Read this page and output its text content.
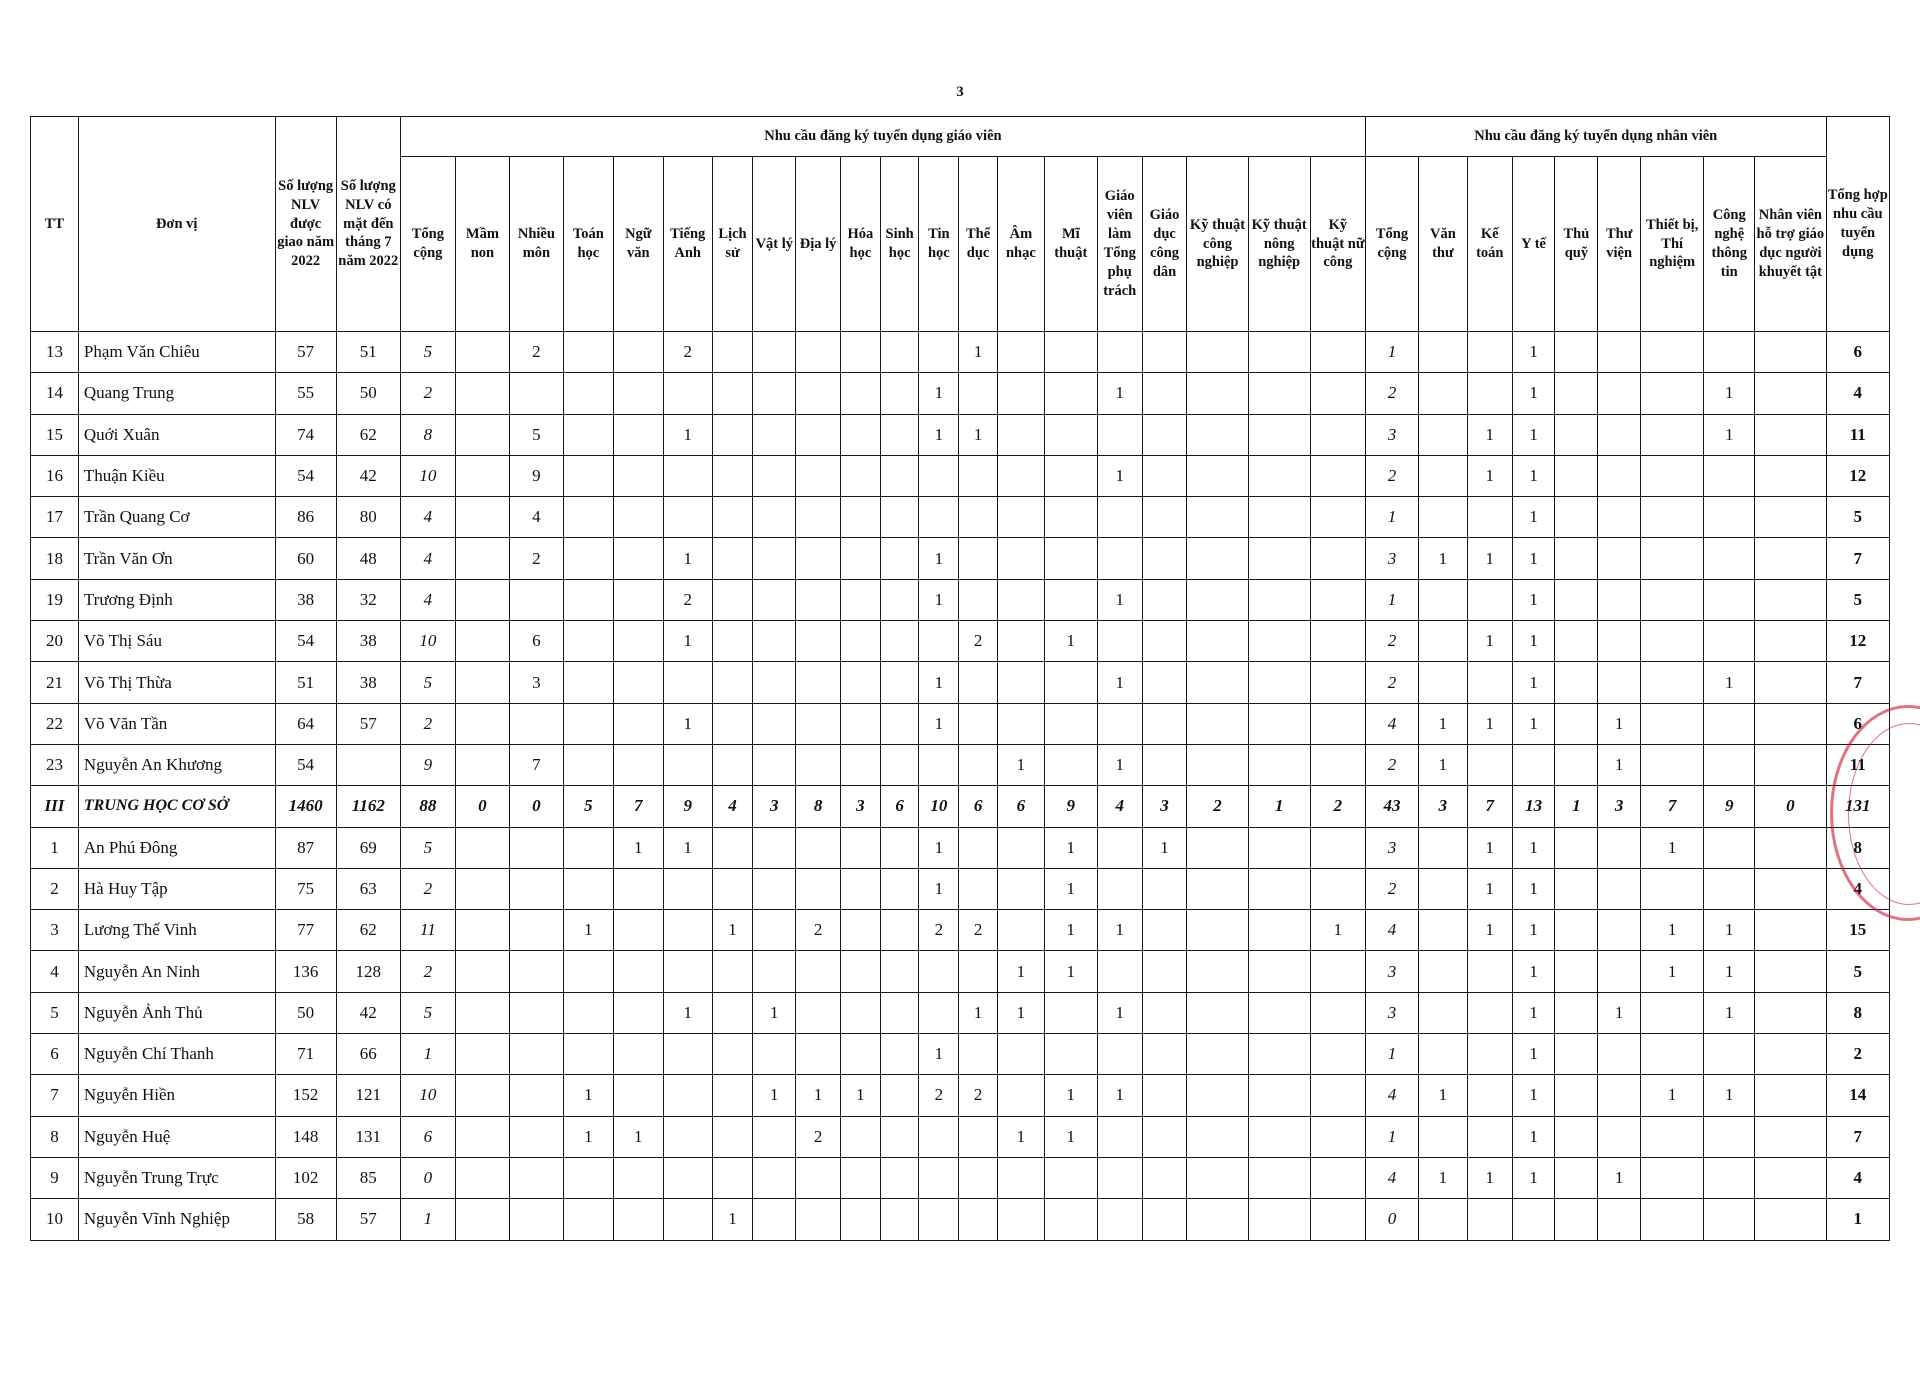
3
TT	Đơn vị	Số lượng NLV được giao năm 2022	Số lượng NLV có mặt đến tháng 7 năm 2022	Nhu cầu đăng ký tuyển dụng giáo viên																				Nhu cầu đăng ký tuyển dụng nhân viên									Tổng hợp nhu cầu tuyển dụng
				Tổng cộng	Mầm non	Nhiều môn	Toán học	Ngữ văn	Tiếng Anh	Lịch sử	Vật lý	Địa lý	Hóa học	Sinh học	Tin học	Thể dục	Âm nhạc	Mĩ thuật	Giáo viên làm Tổng phụ trách	Giáo dục công dân	Kỹ thuật công nghiệp	Kỹ thuật nông nghiệp	Kỹ thuật nữ công	Tổng cộng	Văn thư	Kế toán	Y tế	Thủ quỹ	Thư viện	Thiết bị, Thí nghiệm	Công nghệ thông tin	Nhân viên hỗ trợ giáo dục người khuyết tật	
13	Phạm Văn Chiêu	57	51	5		2			2							1								1			1						6
14	Quang Trung	55	50	2											1				1					2			1				1		4
15	Quới Xuân	74	62	8		5			1						1	1								3		1	1				1		11
16	Thuận Kiều	54	42	10		9													1					2		1	1						12
17	Trần Quang Cơ	86	80	4		4																		1			1						5
18	Trần Văn Ơn	60	48	4		2			1						1									3	1	1	1						7
19	Trương Định	38	32	4					2						1				1					1			1						5
20	Võ Thị Sáu	54	38	10		6			1							2		1						2		1	1						12
21	Võ Thị Thừa	51	38	5		3									1				1					2			1				1		7
22	Võ Văn Tần	64	57	2					1						1									4	1	1	1		1				6
23	Nguyễn An Khương	54		9		7											1		1					2	1				1				11
III	TRUNG HỌC CƠ SỞ	1460	1162	88	0	0	5	7	9	4	3	8	3	6	10	6	6	9	4	3	2	1	2	43	3	7	13	1	3	7	9	0	131
1	An Phú Đông	87	69	5				1	1						1			1		1				3		1	1			1			8
2	Hà Huy Tập	75	63	2											1			1						2		1	1						4
3	Lương Thế Vinh	77	62	11			1			1		2			2	2		1	1				1	4		1	1			1	1		15
4	Nguyễn An Ninh	136	128	2													1	1						3			1			1	1		5
5	Nguyễn Ảnh Thủ	50	42	5					1		1					1	1		1					3			1		1		1		8
6	Nguyễn Chí Thanh	71	66	1											1									1			1						2
7	Nguyễn Hiền	152	121	10			1				1	1	1		2	2		1	1					4	1		1			1	1		14
8	Nguyễn Huệ	148	131	6			1	1				2					1	1						1			1						7
9	Nguyễn Trung Trực	102	85	0																				4	1	1	1		1				4
10	Nguyễn Vĩnh Nghiệp	58	57	1						1														0									1
